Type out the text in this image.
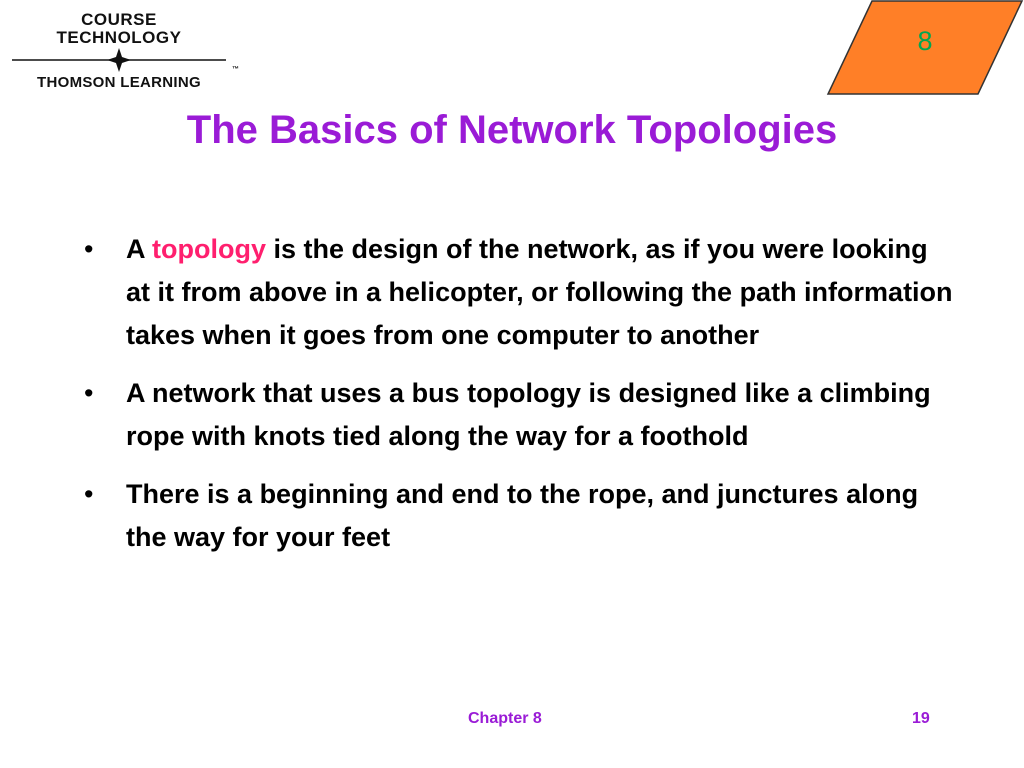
COURSE
TECHNOLOGY
™
THOMSON LEARNING
8
The Basics of Network Topologies
• A topology is the design of the network, as if you were looking at it from above in a helicopter, or following the path information takes when it goes from one computer to another
• A network that uses a bus topology is designed like a climbing rope with knots tied along the way for a foothold
• There is a beginning and end to the rope, and junctures along the way for your feet
Chapter 8	19
